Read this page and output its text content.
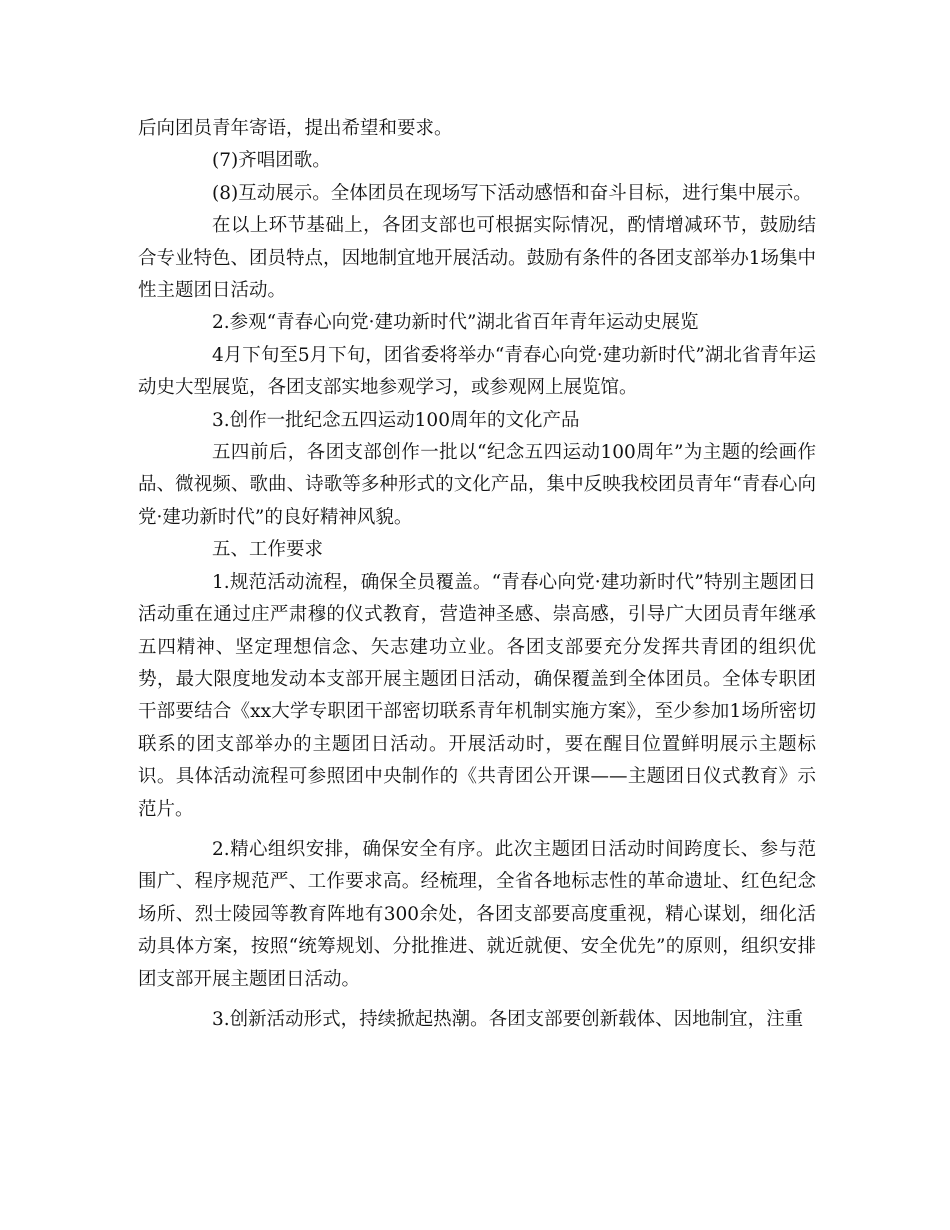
后向团员青年寄语，提出希望和要求。

(7)齐唱团歌。

(8)互动展示。全体团员在现场写下活动感悟和奋斗目标，进行集中展示。

在以上环节基础上，各团支部也可根据实际情况，酌情增减环节，鼓励结合专业特色、团员特点，因地制宜地开展活动。鼓励有条件的各团支部举办1场集中性主题团日活动。

2.参观“青春心向党·建功新时代”湖北省百年青年运动史展览

4月下旬至5月下旬，团省委将举办“青春心向党·建功新时代”湖北省青年运动史大型展览，各团支部实地参观学习，或参观网上展览馆。

3.创作一批纪念五四运动100周年的文化产品

五四前后，各团支部创作一批以“纪念五四运动100周年”为主题的绘画作品、微视频、歌曲、诗歌等多种形式的文化产品，集中反映我校团员青年“青春心向党·建功新时代”的良好精神风貌。

五、工作要求

1.规范活动流程，确保全员覆盖。“青春心向党·建功新时代”特别主题团日活动重在通过庄严肃穆的仪式教育，营造神圣感、崇高感，引导广大团员青年继承五四精神、坚定理想信念、矢志建功立业。各团支部要充分发挥共青团的组织优势，最大限度地发动本支部开展主题团日活动，确保覆盖到全体团员。全体专职团干部要结合《xx大学专职团干部密切联系青年机制实施方案》，至少参加1场所密切联系的团支部举办的主题团日活动。开展活动时，要在醒目位置鲜明展示主题标识。具体活动流程可参照团中央制作的《共青团公开课——主题团日仪式教育》示范片。

2.精心组织安排，确保安全有序。此次主题团日活动时间跨度长、参与范围广、程序规范严、工作要求高。经梳理，全省各地标志性的革命遗址、红色纪念场所、烈士陵园等教育阵地有300余处，各团支部要高度重视，精心谋划，细化活动具体方案，按照“统筹规划、分批推进、就近就便、安全优先”的原则，组织安排团支部开展主题团日活动。

3.创新活动形式，持续掀起热潮。各团支部要创新载体、因地制宜，注重
